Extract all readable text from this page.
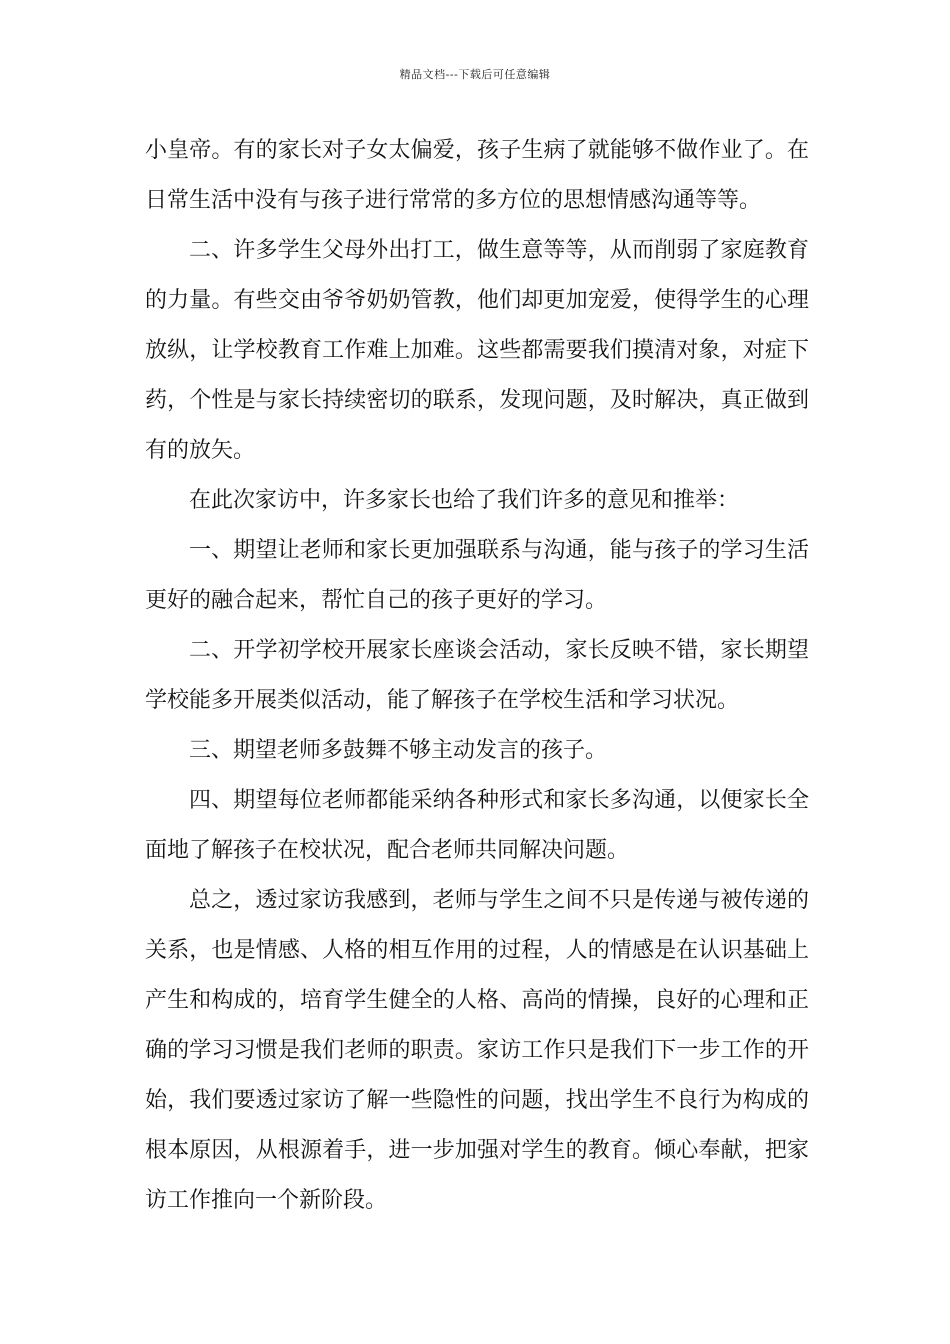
精品文档---下载后可任意编辑

小皇帝。有的家长对子女太偏爱，孩子生病了就能够不做作业了。在日常生活中没有与孩子进行常常的多方位的思想情感沟通等等。

二、许多学生父母外出打工，做生意等等，从而削弱了家庭教育的力量。有些交由爷爷奶奶管教，他们却更加宠爱，使得学生的心理放纵，让学校教育工作难上加难。这些都需要我们摸清对象，对症下药，个性是与家长持续密切的联系，发现问题，及时解决，真正做到有的放矢。

在此次家访中，许多家长也给了我们许多的意见和推举：

一、期望让老师和家长更加强联系与沟通，能与孩子的学习生活更好的融合起来，帮忙自己的孩子更好的学习。

二、开学初学校开展家长座谈会活动，家长反映不错，家长期望学校能多开展类似活动，能了解孩子在学校生活和学习状况。

三、期望老师多鼓舞不够主动发言的孩子。

四、期望每位老师都能采纳各种形式和家长多沟通，以便家长全面地了解孩子在校状况，配合老师共同解决问题。

总之，透过家访我感到，老师与学生之间不只是传递与被传递的关系，也是情感、人格的相互作用的过程，人的情感是在认识基础上产生和构成的，培育学生健全的人格、高尚的情操，良好的心理和正确的学习习惯是我们老师的职责。家访工作只是我们下一步工作的开始，我们要透过家访了解一些隐性的问题，找出学生不良行为构成的根本原因，从根源着手，进一步加强对学生的教育。倾心奉献，把家访工作推向一个新阶段。
